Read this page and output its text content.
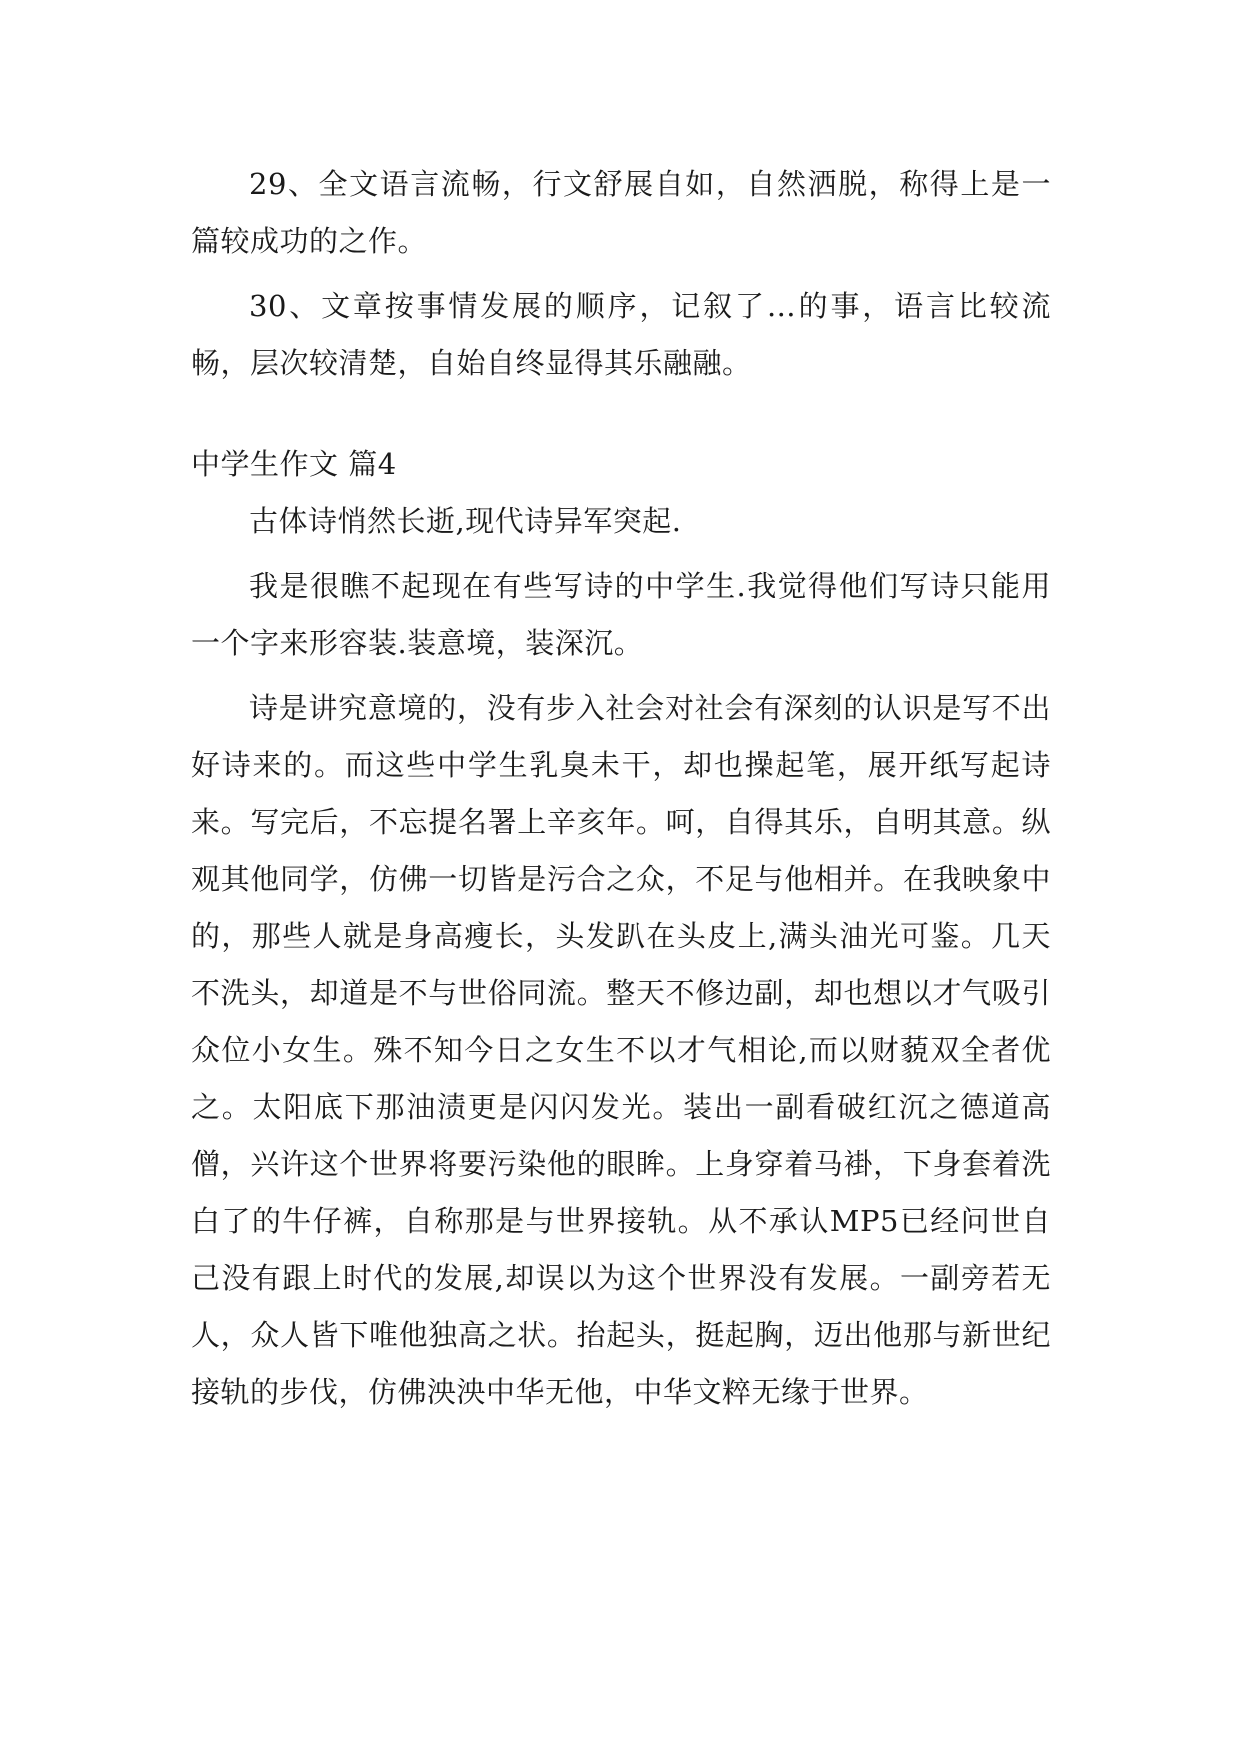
29、全文语言流畅，行文舒展自如，自然洒脱，称得上是一篇较成功的之作。

30、文章按事情发展的顺序，记叙了…的事，语言比较流畅，层次较清楚，自始自终显得其乐融融。

中学生作文 篇4

古体诗悄然长逝,现代诗异军突起.

我是很瞧不起现在有些写诗的中学生.我觉得他们写诗只能用一个字来形容装.装意境，装深沉。

诗是讲究意境的，没有步入社会对社会有深刻的认识是写不出好诗来的。而这些中学生乳臭未干，却也操起笔，展开纸写起诗来。写完后，不忘提名署上辛亥年。呵，自得其乐，自明其意。纵观其他同学，仿佛一切皆是污合之众，不足与他相并。在我映象中的，那些人就是身高瘦长，头发趴在头皮上,满头油光可鉴。几天不洗头，却道是不与世俗同流。整天不修边副，却也想以才气吸引众位小女生。殊不知今日之女生不以才气相论,而以财藐双全者优之。太阳底下那油渍更是闪闪发光。装出一副看破红沉之德道高僧，兴许这个世界将要污染他的眼眸。上身穿着马褂，下身套着洗白了的牛仔裤，自称那是与世界接轨。从不承认MP5已经问世自己没有跟上时代的发展,却误以为这个世界没有发展。一副旁若无人，众人皆下唯他独高之状。抬起头，挺起胸，迈出他那与新世纪接轨的步伐，仿佛泱泱中华无他，中华文粹无缘于世界。
